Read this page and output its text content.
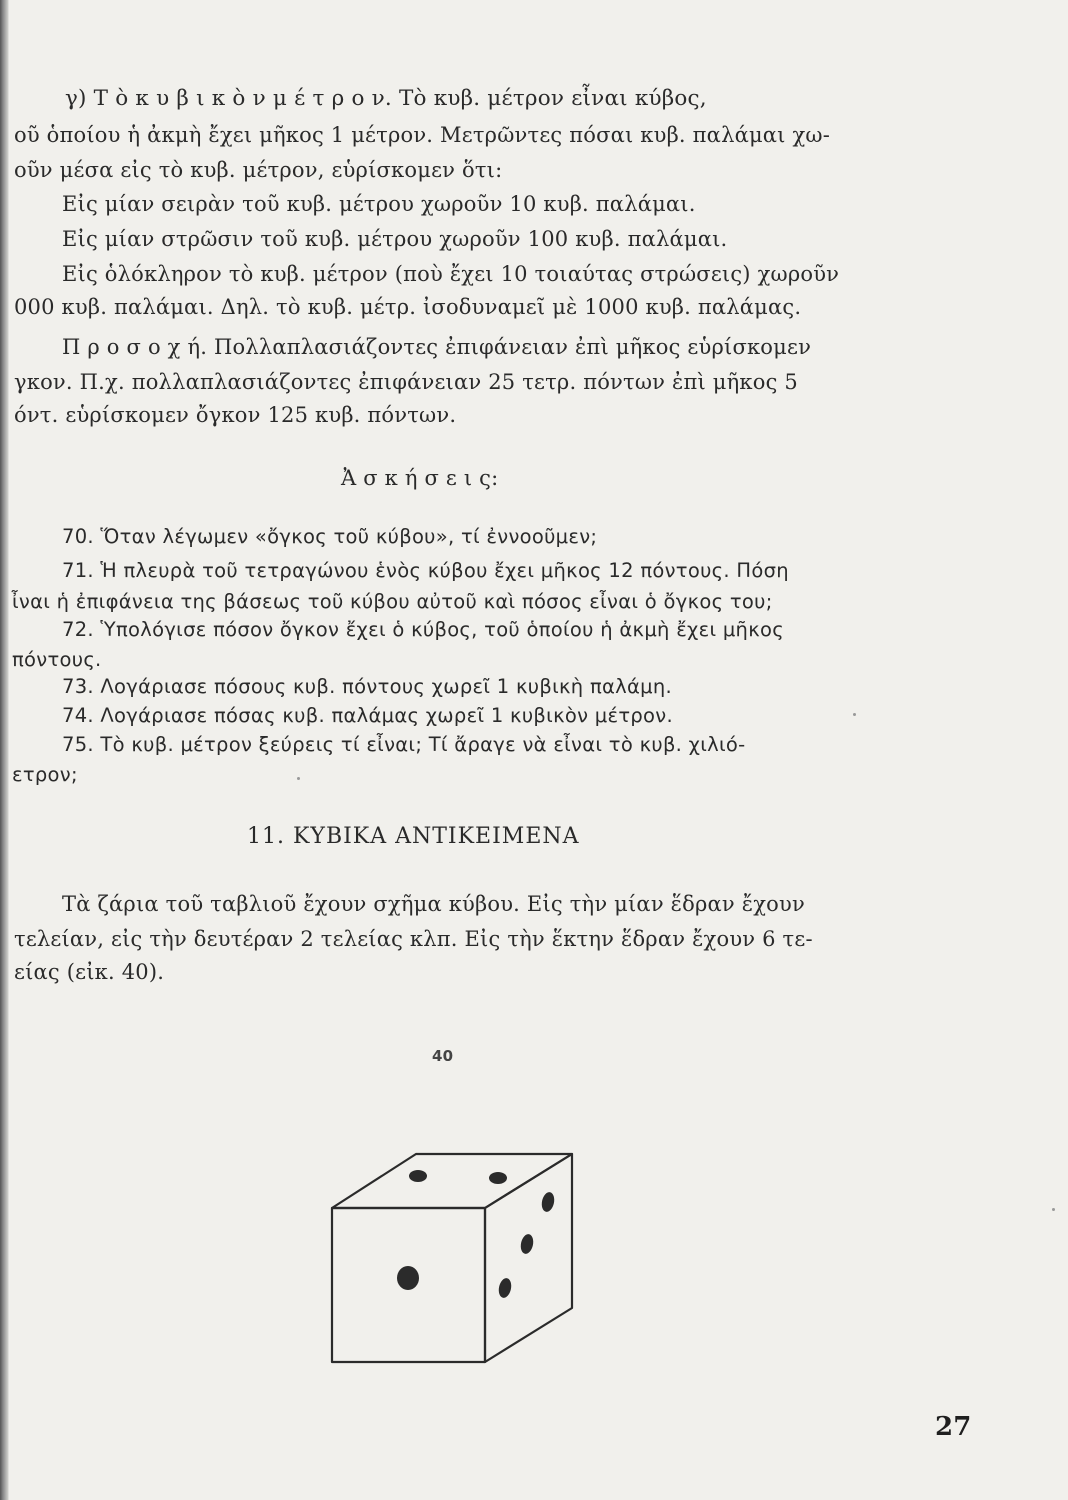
γ) Τ ὸ κ υ β ι κ ὸ ν μ έ τ ρ ο ν. Τὸ κυβ. μέτρον εἶναι κύβος,
οῦ ὁποίου ἡ ἀκμὴ ἔχει μῆκος 1 μέτρον. Μετρῶντες πόσαι κυβ. παλάμαι χω-
οῦν μέσα εἰς τὸ κυβ. μέτρον, εὑρίσκομεν ὅτι:
Εἰς μίαν σειρὰν τοῦ κυβ. μέτρου χωροῦν 10 κυβ. παλάμαι.
Εἰς μίαν στρῶσιν τοῦ κυβ. μέτρου χωροῦν 100 κυβ. παλάμαι.
Εἰς ὁλόκληρον τὸ κυβ. μέτρον (ποὺ ἔχει 10 τοιαύτας στρώσεις) χωροῦν
000 κυβ. παλάμαι. Δηλ. τὸ κυβ. μέτρ. ἰσοδυναμεῖ μὲ 1000 κυβ. παλάμας.
Π ρ ο σ ο χ ή. Πολλαπλασιάζοντες ἐπιφάνειαν ἐπὶ μῆκος εὑρίσκομεν
γκον. Π.χ. πολλαπλασιάζοντες ἐπιφάνειαν 25 τετρ. πόντων ἐπὶ μῆκος 5
όντ. εὑρίσκομεν ὄγκον 125 κυβ. πόντων.
Ἀ σ κ ή σ ε ι ς:
70. Ὅταν λέγωμεν «ὄγκος τοῦ κύβου», τί ἐννοοῦμεν;
71. Ἡ πλευρὰ τοῦ τετραγώνου ἑνὸς κύβου ἔχει μῆκος 12 πόντους. Πόση
ἶναι ἡ ἐπιφάνεια της βάσεως τοῦ κύβου αὐτοῦ καὶ πόσος εἶναι ὁ ὄγκος του;
72. Ὑπολόγισε πόσον ὄγκον ἔχει ὁ κύβος, τοῦ ὁποίου ἡ ἀκμὴ ἔχει μῆκος
πόντους.
73. Λογάριασε πόσους κυβ. πόντους χωρεῖ 1 κυβικὴ παλάμη.
74. Λογάριασε πόσας κυβ. παλάμας χωρεῖ 1 κυβικὸν μέτρον.
75. Τὸ κυβ. μέτρον ξεύρεις τί εἶναι; Τί ἄραγε νὰ εἶναι τὸ κυβ. χιλιό-
ετρον;
11. ΚΥΒΙΚΑ ΑΝΤΙΚΕΙΜΕΝΑ
Τὰ ζάρια τοῦ ταβλιοῦ ἔχουν σχῆμα κύβου. Εἰς τὴν μίαν ἕδραν ἔχουν
τελείαν, εἰς τὴν δευτέραν 2 τελείας κλπ. Εἰς τὴν ἕκτην ἕδραν ἔχουν 6 τε-
είας (εἰκ. 40).
40
27
